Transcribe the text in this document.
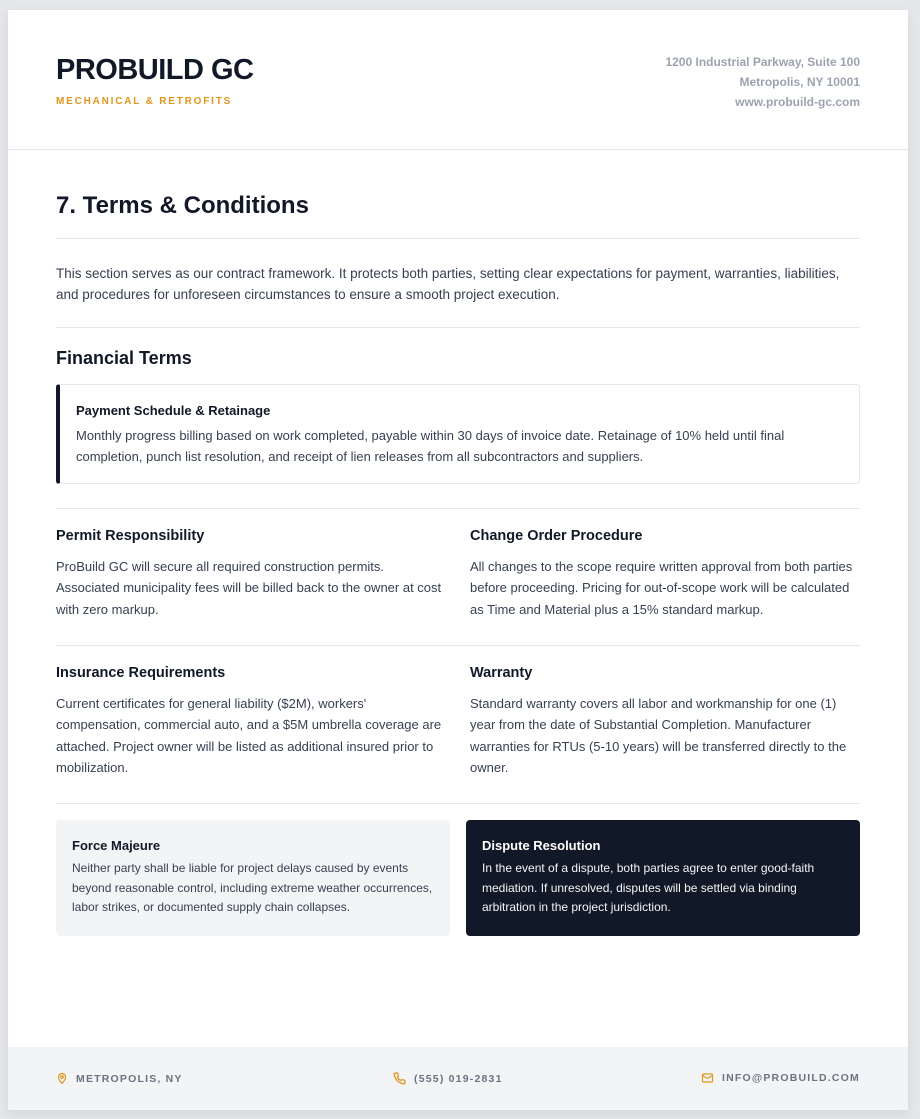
PROBUILD GC
MECHANICAL & RETROFITS
1200 Industrial Parkway, Suite 100
Metropolis, NY 10001
www.probuild-gc.com
7. Terms & Conditions
This section serves as our contract framework. It protects both parties, setting clear expectations for payment, warranties, liabilities, and procedures for unforeseen circumstances to ensure a smooth project execution.
Financial Terms
Payment Schedule & Retainage

Monthly progress billing based on work completed, payable within 30 days of invoice date. Retainage of 10% held until final completion, punch list resolution, and receipt of lien releases from all subcontractors and suppliers.

Permit Responsibility

ProBuild GC will secure all required construction permits. Associated municipality fees will be billed back to the owner at cost with zero markup.

Change Order Procedure

All changes to the scope require written approval from both parties before proceeding. Pricing for out-of-scope work will be calculated as Time and Material plus a 15% standard markup.

Insurance Requirements

Current certificates for general liability ($2M), workers' compensation, commercial auto, and a $5M umbrella coverage are attached. Project owner will be listed as additional insured prior to mobilization.

Warranty

Standard warranty covers all labor and workmanship for one (1) year from the date of Substantial Completion. Manufacturer warranties for RTUs (5-10 years) will be transferred directly to the owner.

Force Majeure

Neither party shall be liable for project delays caused by events beyond reasonable control, including extreme weather occurrences, labor strikes, or documented supply chain collapses.

Dispute Resolution

In the event of a dispute, both parties agree to enter good-faith mediation. If unresolved, disputes will be settled via binding arbitration in the project jurisdiction.

METROPOLIS, NY	(555) 019-2831	INFO@PROBUILD.COM
